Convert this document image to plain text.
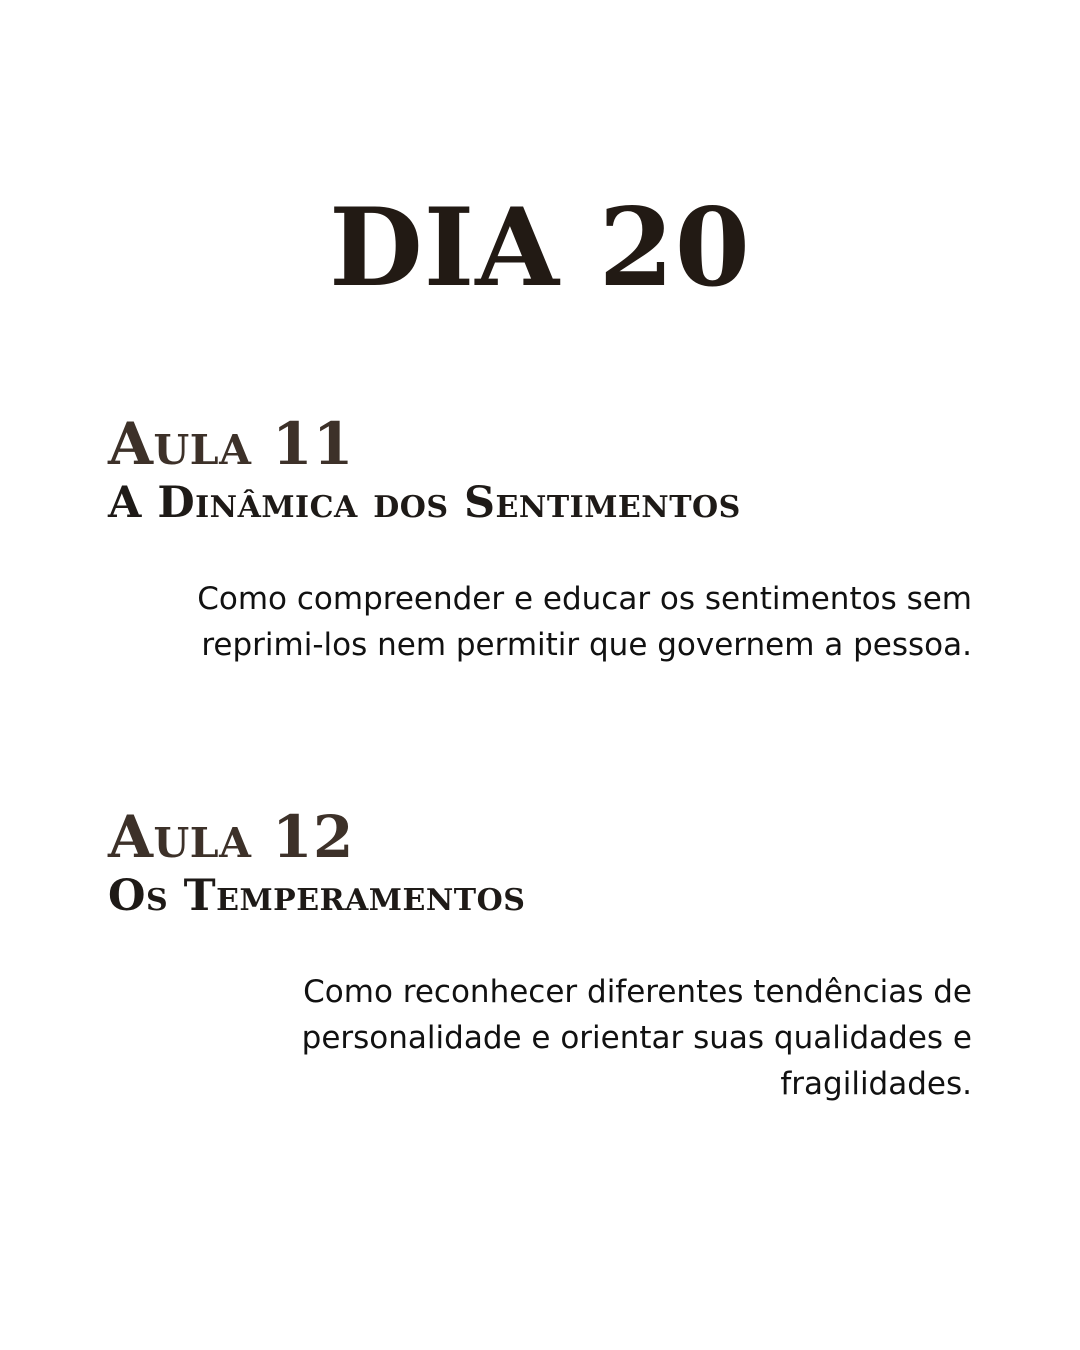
DIA 20
Aula 11
A Dinâmica dos Sentimentos

Como compreender e educar os sentimentos sem reprimi-los nem permitir que governem a pessoa.

Aula 12
Os Temperamentos

Como reconhecer diferentes tendências de personalidade e orientar suas qualidades e fragilidades.
